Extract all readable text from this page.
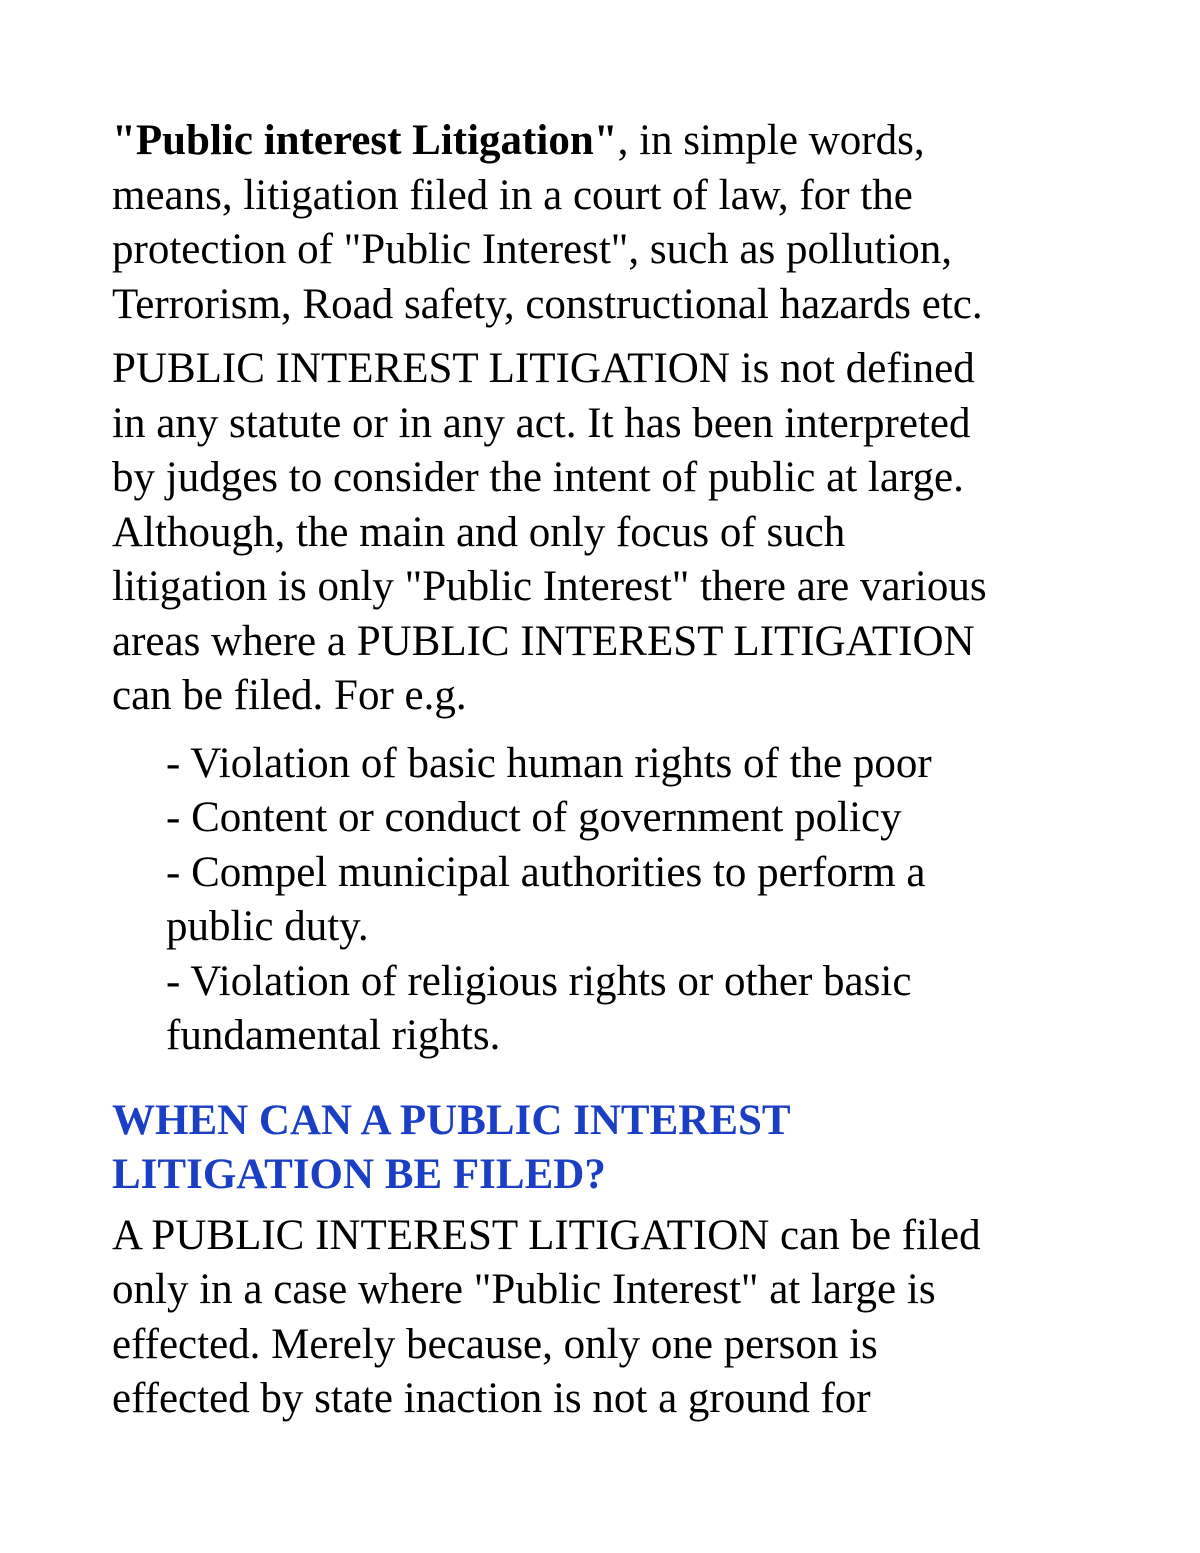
"Public interest Litigation", in simple words,
means, litigation filed in a court of law, for the
protection of "Public Interest", such as pollution,
Terrorism, Road safety, constructional hazards etc.

PUBLIC INTEREST LITIGATION is not defined
in any statute or in any act. It has been interpreted
by judges to consider the intent of public at large.
Although, the main and only focus of such
litigation is only "Public Interest" there are various
areas where a PUBLIC INTEREST LITIGATION
can be filed. For e.g.

- Violation of basic human rights of the poor
- Content or conduct of government policy
- Compel municipal authorities to perform a
public duty.
- Violation of religious rights or other basic
fundamental rights.
WHEN CAN A PUBLIC INTEREST
LITIGATION BE FILED?

A PUBLIC INTEREST LITIGATION can be filed
only in a case where "Public Interest" at large is
effected. Merely because, only one person is
effected by state inaction is not a ground for
